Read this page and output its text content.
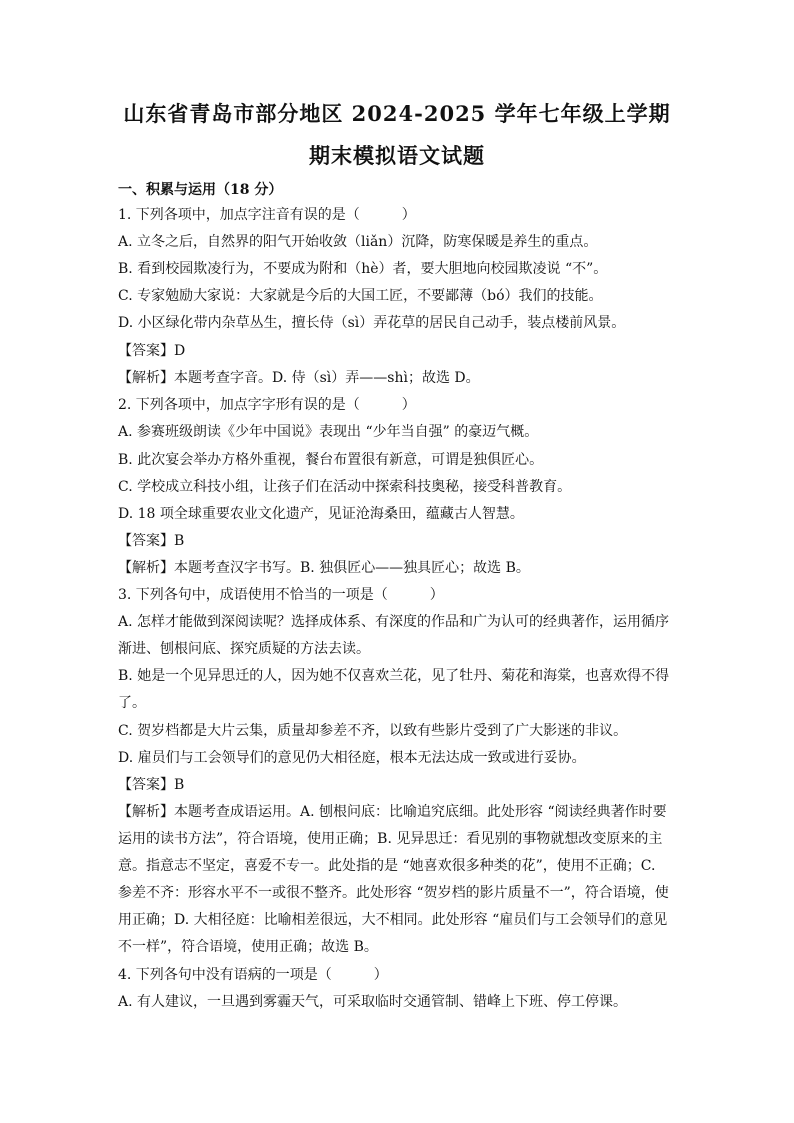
山东省青岛市部分地区 2024-2025 学年七年级上学期
期末模拟语文试题
一、积累与运用（18 分）
1. 下列各项中，加点字注音有误的是（　　　）
A. 立冬之后，自然界的阳气开始收敛（liǎn）沉降，防寒保暖是养生的重点。
B. 看到校园欺凌行为，不要成为附和（hè）者，要大胆地向校园欺凌说 “不”。
C. 专家勉励大家说：大家就是今后的大国工匠，不要鄙薄（bó）我们的技能。
D. 小区绿化带内杂草丛生，擅长侍（sì）弄花草的居民自己动手，装点楼前风景。
【答案】D
【解析】本题考查字音。D. 侍（sì）弄——shì；故选 D。
2. 下列各项中，加点字字形有误的是（　　　）
A. 参赛班级朗读《少年中国说》表现出 “少年当自强” 的豪迈气概。
B. 此次宴会举办方格外重视，餐台布置很有新意，可谓是独俱匠心。
C. 学校成立科技小组，让孩子们在活动中探索科技奥秘，接受科普教育。
D. 18 项全球重要农业文化遗产，见证沧海桑田，蕴藏古人智慧。
【答案】B
【解析】本题考查汉字书写。B. 独俱匠心——独具匠心；故选 B。
3. 下列各句中，成语使用不恰当的一项是（　　　）
A. 怎样才能做到深阅读呢？选择成体系、有深度的作品和广为认可的经典著作，运用循序
渐进、刨根问底、探究质疑的方法去读。
B. 她是一个见异思迁的人，因为她不仅喜欢兰花，见了牡丹、菊花和海棠，也喜欢得不得
了。
C. 贺岁档都是大片云集，质量却参差不齐，以致有些影片受到了广大影迷的非议。
D. 雇员们与工会领导们的意见仍大相径庭，根本无法达成一致或进行妥协。
【答案】B
【解析】本题考查成语运用。A. 刨根问底：比喻追究底细。此处形容 “阅读经典著作时要
运用的读书方法”，符合语境，使用正确；B. 见异思迁：看见别的事物就想改变原来的主
意。指意志不坚定，喜爱不专一。此处指的是 “她喜欢很多种类的花”，使用不正确；C.
参差不齐：形容水平不一或很不整齐。此处形容 “贺岁档的影片质量不一”，符合语境，使
用正确；D. 大相径庭：比喻相差很远，大不相同。此处形容 “雇员们与工会领导们的意见
不一样”，符合语境，使用正确；故选 B。
4. 下列各句中没有语病的一项是（　　　）
A. 有人建议，一旦遇到雾霾天气，可采取临时交通管制、错峰上下班、停工停课。
